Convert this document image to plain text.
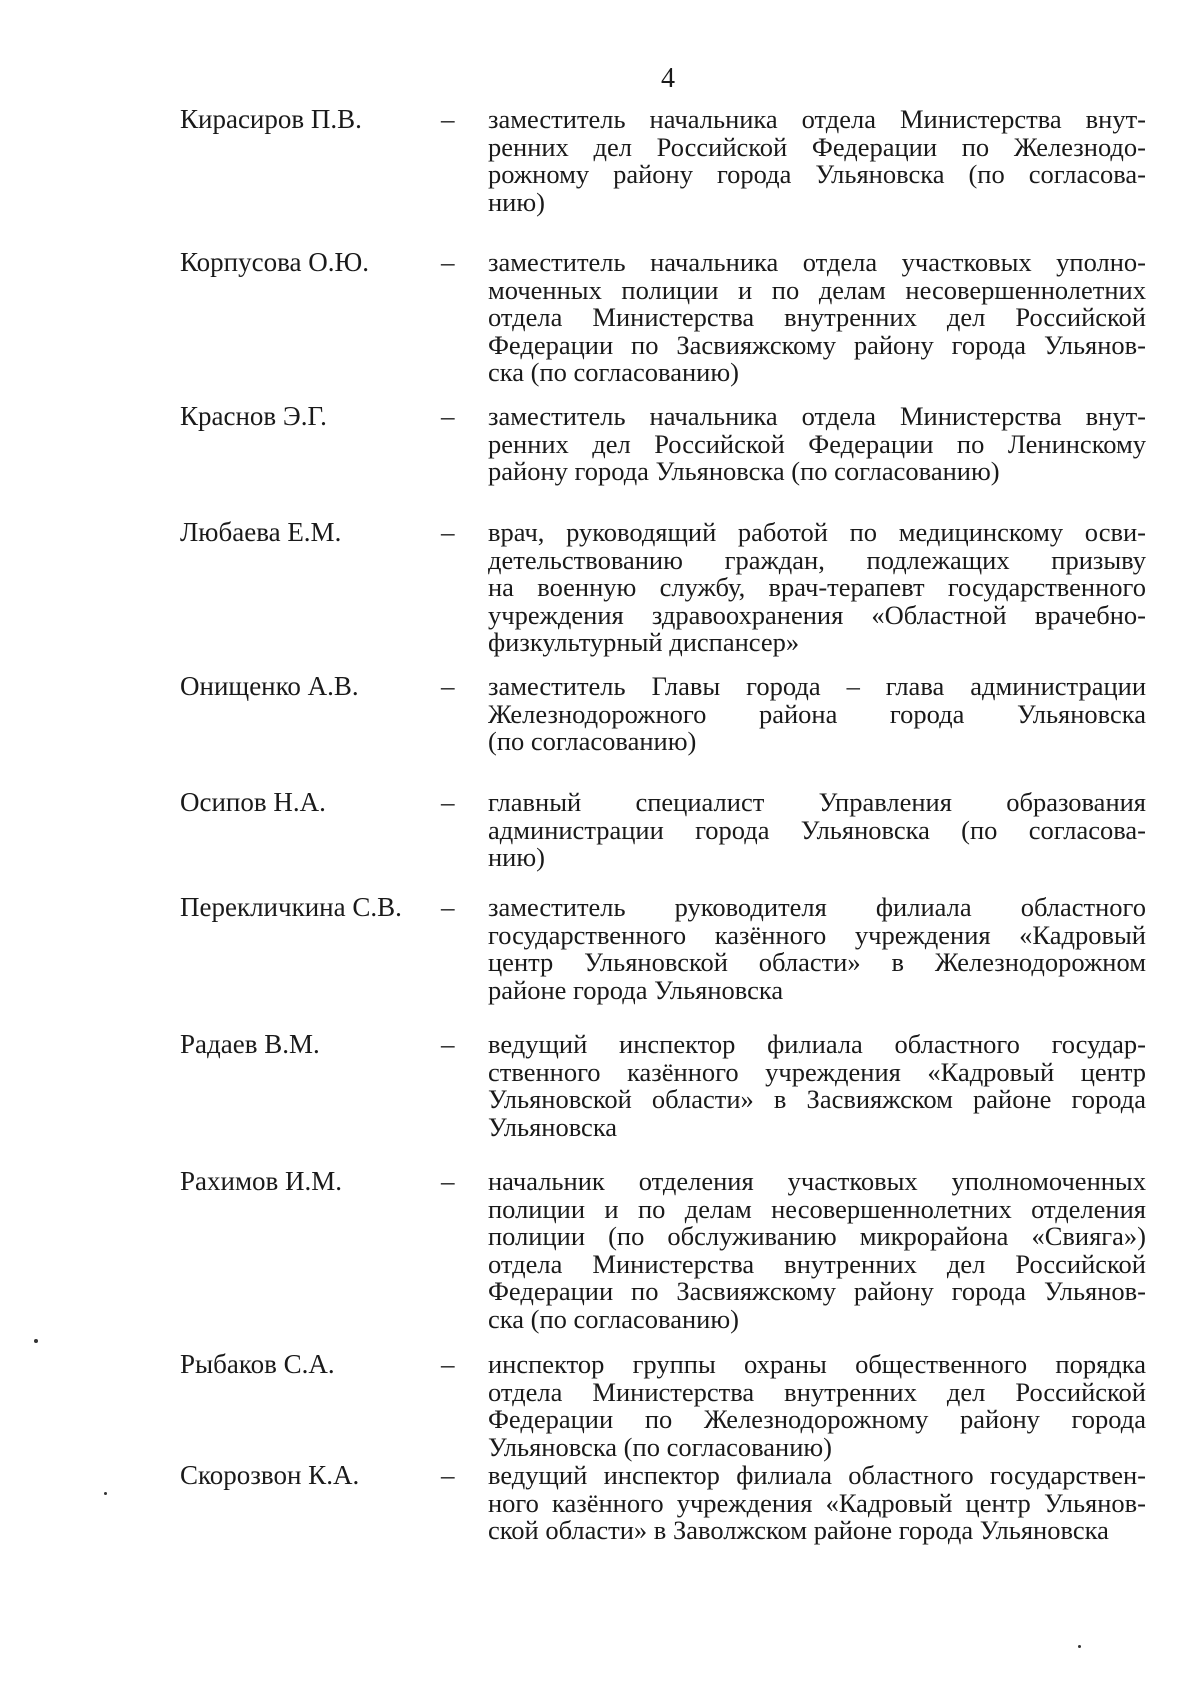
4
Кирасиров П.В.	– заместитель начальника отдела Министерства внут-
ренних дел Российской Федерации по Железнодо-
рожному району города Ульяновска (по согласова-
нию)
Корпусова О.Ю.	– заместитель начальника отдела участковых уполно-
моченных полиции и по делам несовершеннолетних
отдела Министерства внутренних дел Российской
Федерации по Засвияжскому району города Ульянов-
ска (по согласованию)
Краснов Э.Г.	– заместитель начальника отдела Министерства внут-
ренних дел Российской Федерации по Ленинскому
району города Ульяновска (по согласованию)
Любаева Е.М.	– врач, руководящий работой по медицинскому осви-
детельствованию граждан, подлежащих призыву
на военную службу, врач-терапевт государственного
учреждения здравоохранения «Областной врачебно-
физкультурный диспансер»
Онищенко А.В.	– заместитель Главы города – глава администрации
Железнодорожного района города Ульяновска
(по согласованию)
Осипов Н.А.	– главный специалист Управления образования
администрации города Ульяновска (по согласова-
нию)
Перекличкина С.В. – заместитель руководителя филиала областного
государственного казённого учреждения «Кадровый
центр Ульяновской области» в Железнодорожном
районе города Ульяновска
Радаев В.М.	– ведущий инспектор филиала областного государ-
ственного казённого учреждения «Кадровый центр
Ульяновской области» в Засвияжском районе города
Ульяновска
Рахимов И.М.	– начальник отделения участковых уполномоченных
полиции и по делам несовершеннолетних отделения
полиции (по обслуживанию микрорайона «Свияга»)
отдела Министерства внутренних дел Российской
Федерации по Засвияжскому району города Ульянов-
ска (по согласованию)
Рыбаков С.А.	– инспектор группы охраны общественного порядка
отдела Министерства внутренних дел Российской
Федерации по Железнодорожному району города
Ульяновска (по согласованию)
Скорозвон К.А.	– ведущий инспектор филиала областного государствен-
ного казённого учреждения «Кадровый центр Ульянов-
ской области» в Заволжском районе города Ульяновска
